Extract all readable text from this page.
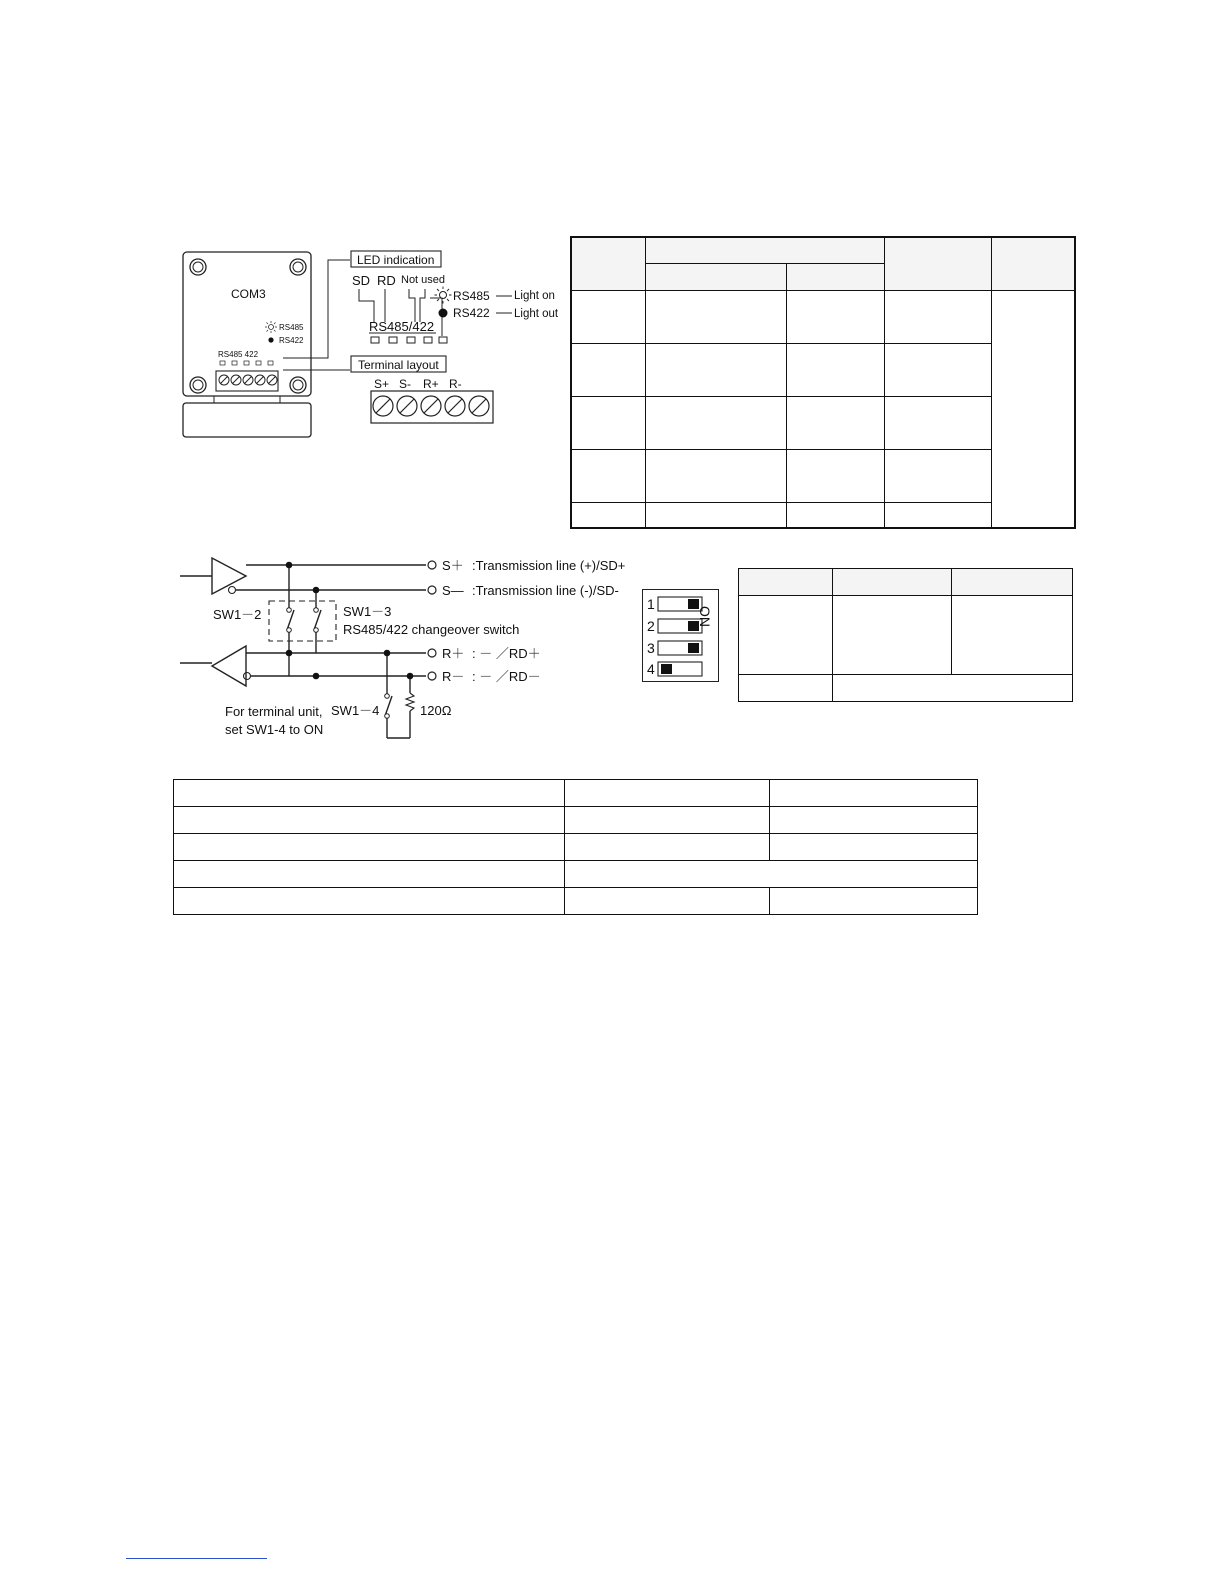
COM3
RS485
RS422
RS485 422
LED indication
SD RD Not used
RS485/422
RS485 Light on
RS422 Light out
Terminal layout
S+ S- R+ R-

S＋ :Transmission line (+)/SD+
S— :Transmission line (-)/SD-
R＋ : － ／RD＋
R－ : － ／RD－
SW1－2	SW1－3
RS485/422 changeover switch
SW1－4	120Ω
For terminal unit,
set SW1-4 to ON
1
2
3
4
ON
